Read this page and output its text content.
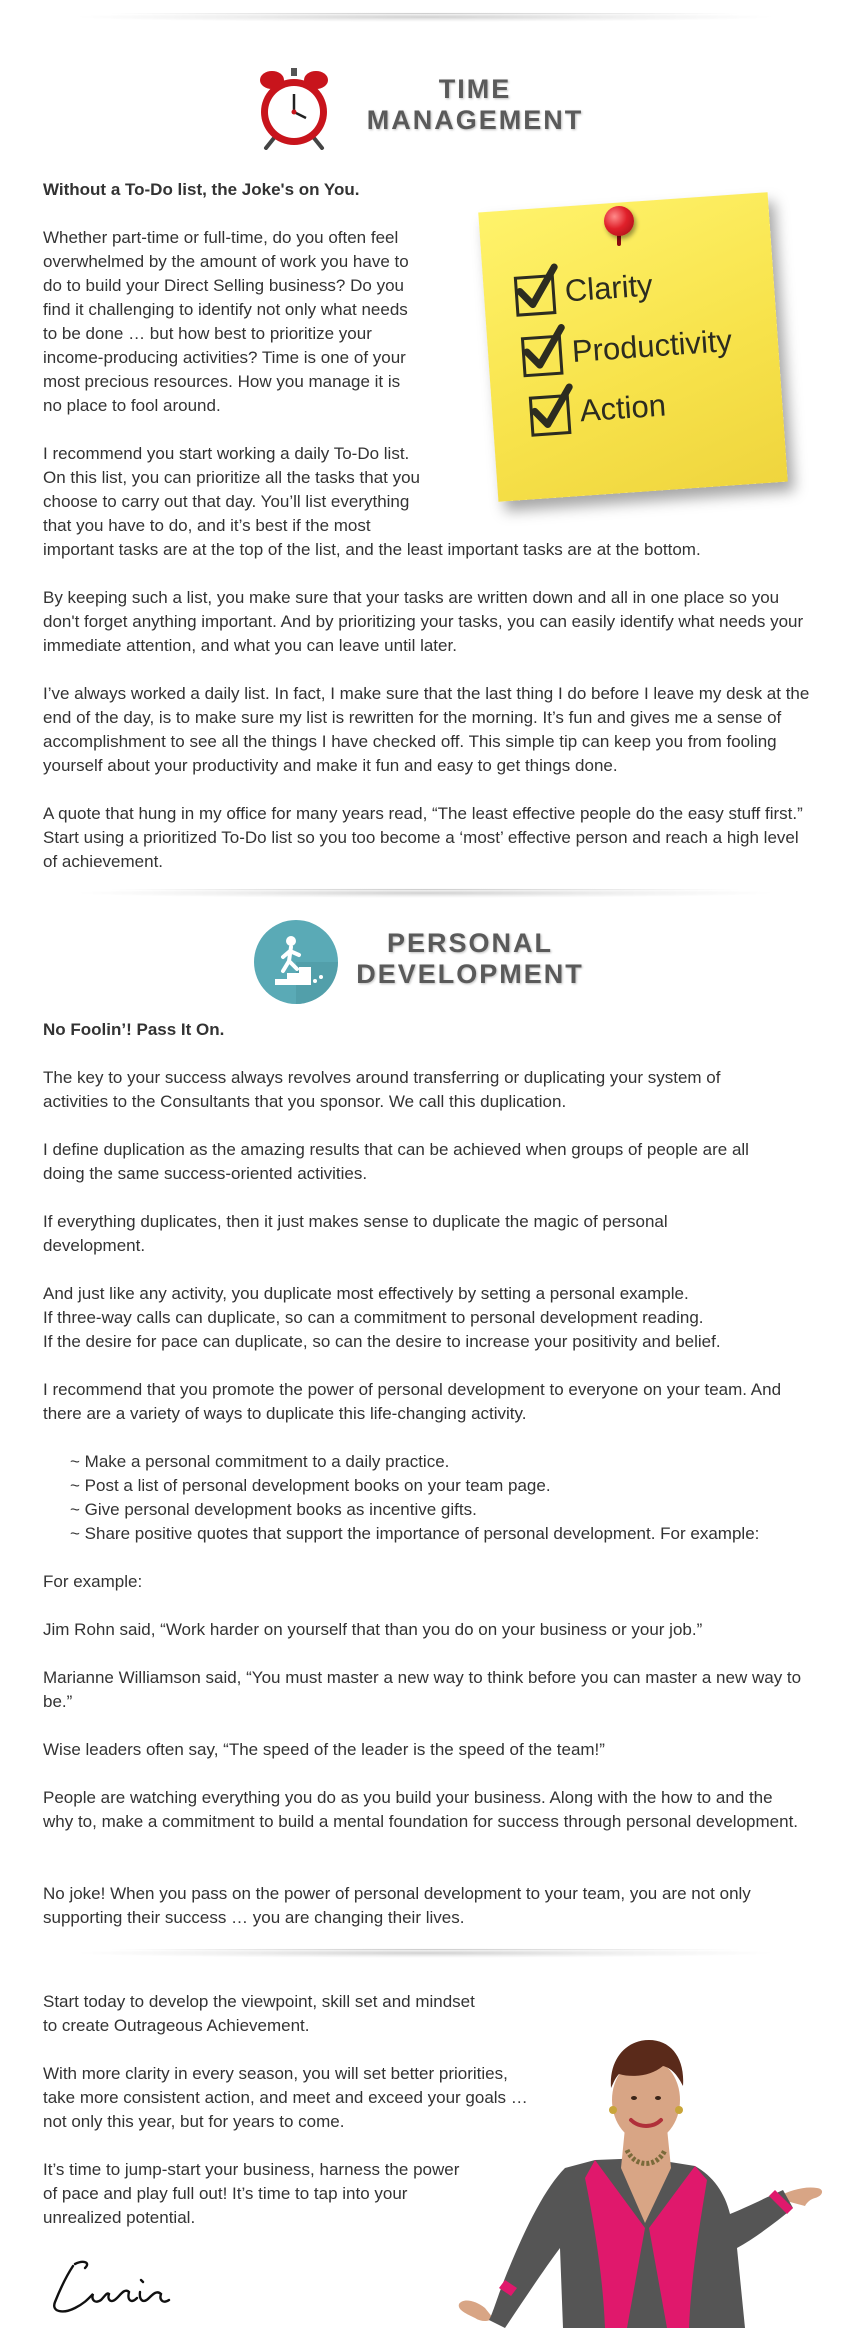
TIME
MANAGEMENT

Without a To-Do list, the Joke's on You.

Whether part-time or full-time, do you often feel
overwhelmed by the amount of work you have to
do to build your Direct Selling business? Do you
find it challenging to identify not only what needs
to be done … but how best to prioritize your
income-producing activities? Time is one of your
most precious resources. How you manage it is
no place to fool around.
I recommend you start working a daily To-Do list.
On this list, you can prioritize all the tasks that you
choose to carry out that day. You’ll list everything
that you have to do, and it’s best if the most
important tasks are at the top of the list, and the least important tasks are at the bottom.
Clarity
Productivity
Action

By keeping such a list, you make sure that your tasks are written down and all in one place so you don't forget anything important. And by prioritizing your tasks, you can easily identify what needs your immediate attention, and what you can leave until later.

I’ve always worked a daily list. In fact, I make sure that the last thing I do before I leave my desk at the end of the day, is to make sure my list is rewritten for the morning. It’s fun and gives me a sense of accomplishment to see all the things I have checked off. This simple tip can keep you from fooling yourself about your productivity and make it fun and easy to get things done.

A quote that hung in my office for many years read, “The least effective people do the easy stuff first.” Start using a prioritized To-Do list so you too become a ‘most’ effective person and reach a high level of achievement.

PERSONAL
DEVELOPMENT

No Foolin’! Pass It On.

The key to your success always revolves around transferring or duplicating your system of activities to the Consultants that you sponsor. We call this duplication.

I define duplication as the amazing results that can be achieved when groups of people are all doing the same success-oriented activities.

If everything duplicates, then it just makes sense to duplicate the magic of personal development.

And just like any activity, you duplicate most effectively by setting a personal example.
If three-way calls can duplicate, so can a commitment to personal development reading.
If the desire for pace can duplicate, so can the desire to increase your positivity and belief.

I recommend that you promote the power of personal development to everyone on your team. And there are a variety of ways to duplicate this life-changing activity.

~ Make a personal commitment to a daily practice.
~ Post a list of personal development books on your team page.
~ Give personal development books as incentive gifts.
~ Share positive quotes that support the importance of personal development. For example:

For example:

Jim Rohn said, “Work harder on yourself that than you do on your business or your job.”

Marianne Williamson said, “You must master a new way to think before you can master a new way to be.”

Wise leaders often say, “The speed of the leader is the speed of the team!”

People are watching everything you do as you build your business. Along with the how to and the why to, make a commitment to build a mental foundation for success through personal development.

No joke! When you pass on the power of personal development to your team, you are not only supporting their success … you are changing their lives.

Start today to develop the viewpoint, skill set and mindset
to create Outrageous Achievement.
With more clarity in every season, you will set better priorities,
take more consistent action, and meet and exceed your goals …
not only this year, but for years to come.
It’s time to jump-start your business, harness the power
of pace and play full out! It’s time to tap into your
unrealized potential.
